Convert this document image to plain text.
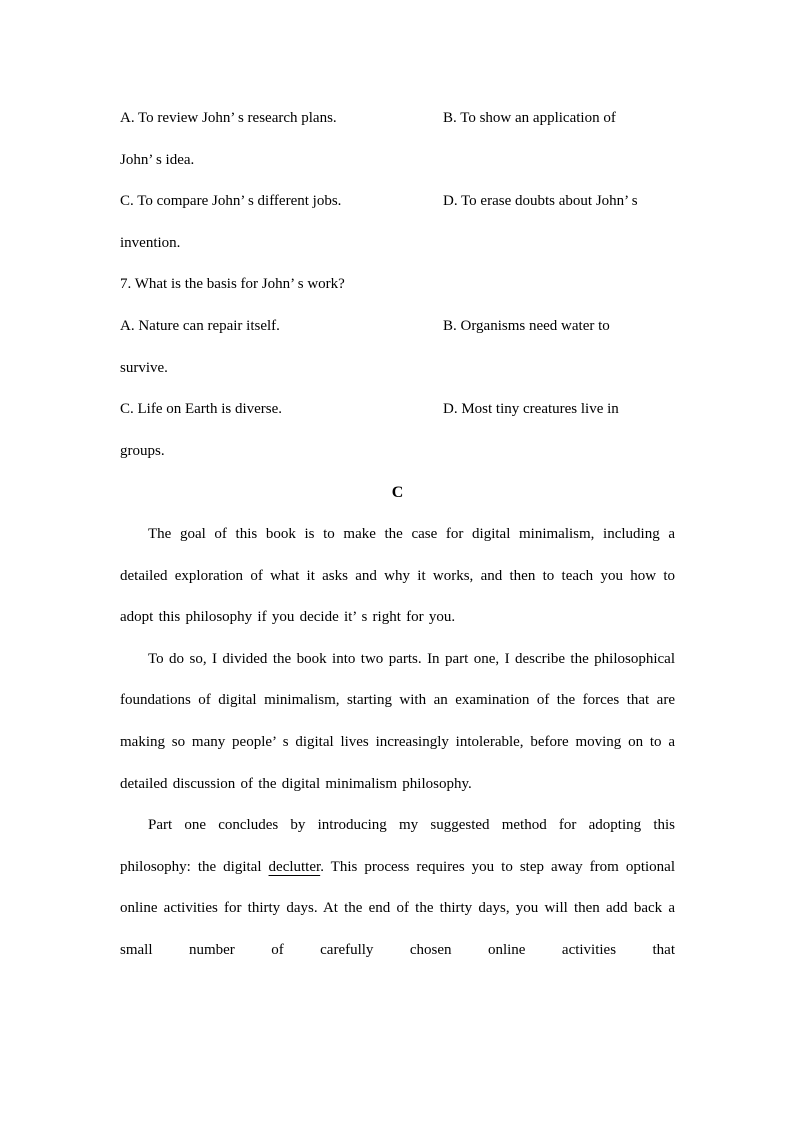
A. To review John’ s research plans.	B. To show an application of
John’ s idea.
C. To compare John’ s different jobs.	D. To erase doubts about John’ s
invention.
7. What is the basis for John’ s work?
A. Nature can repair itself.	B. Organisms need water to
survive.
C. Life on Earth is diverse.	D. Most tiny creatures live in
groups.
C

The goal of this book is to make the case for digital minimalism, including a detailed exploration of what it asks and why it works, and then to teach you how to adopt this philosophy if you decide it’ s right for you.

To do so, I divided the book into two parts. In part one, I describe the philosophical foundations of digital minimalism, starting with an examination of the forces that are making so many people’ s digital lives increasingly intolerable, before moving on to a detailed discussion of the digital minimalism philosophy.

Part one concludes by introducing my suggested method for adopting this philosophy: the digital declutter. This process requires you to step away from optional online activities for thirty days. At the end of the thirty days, you will then add back a small number of carefully chosen online activities that
